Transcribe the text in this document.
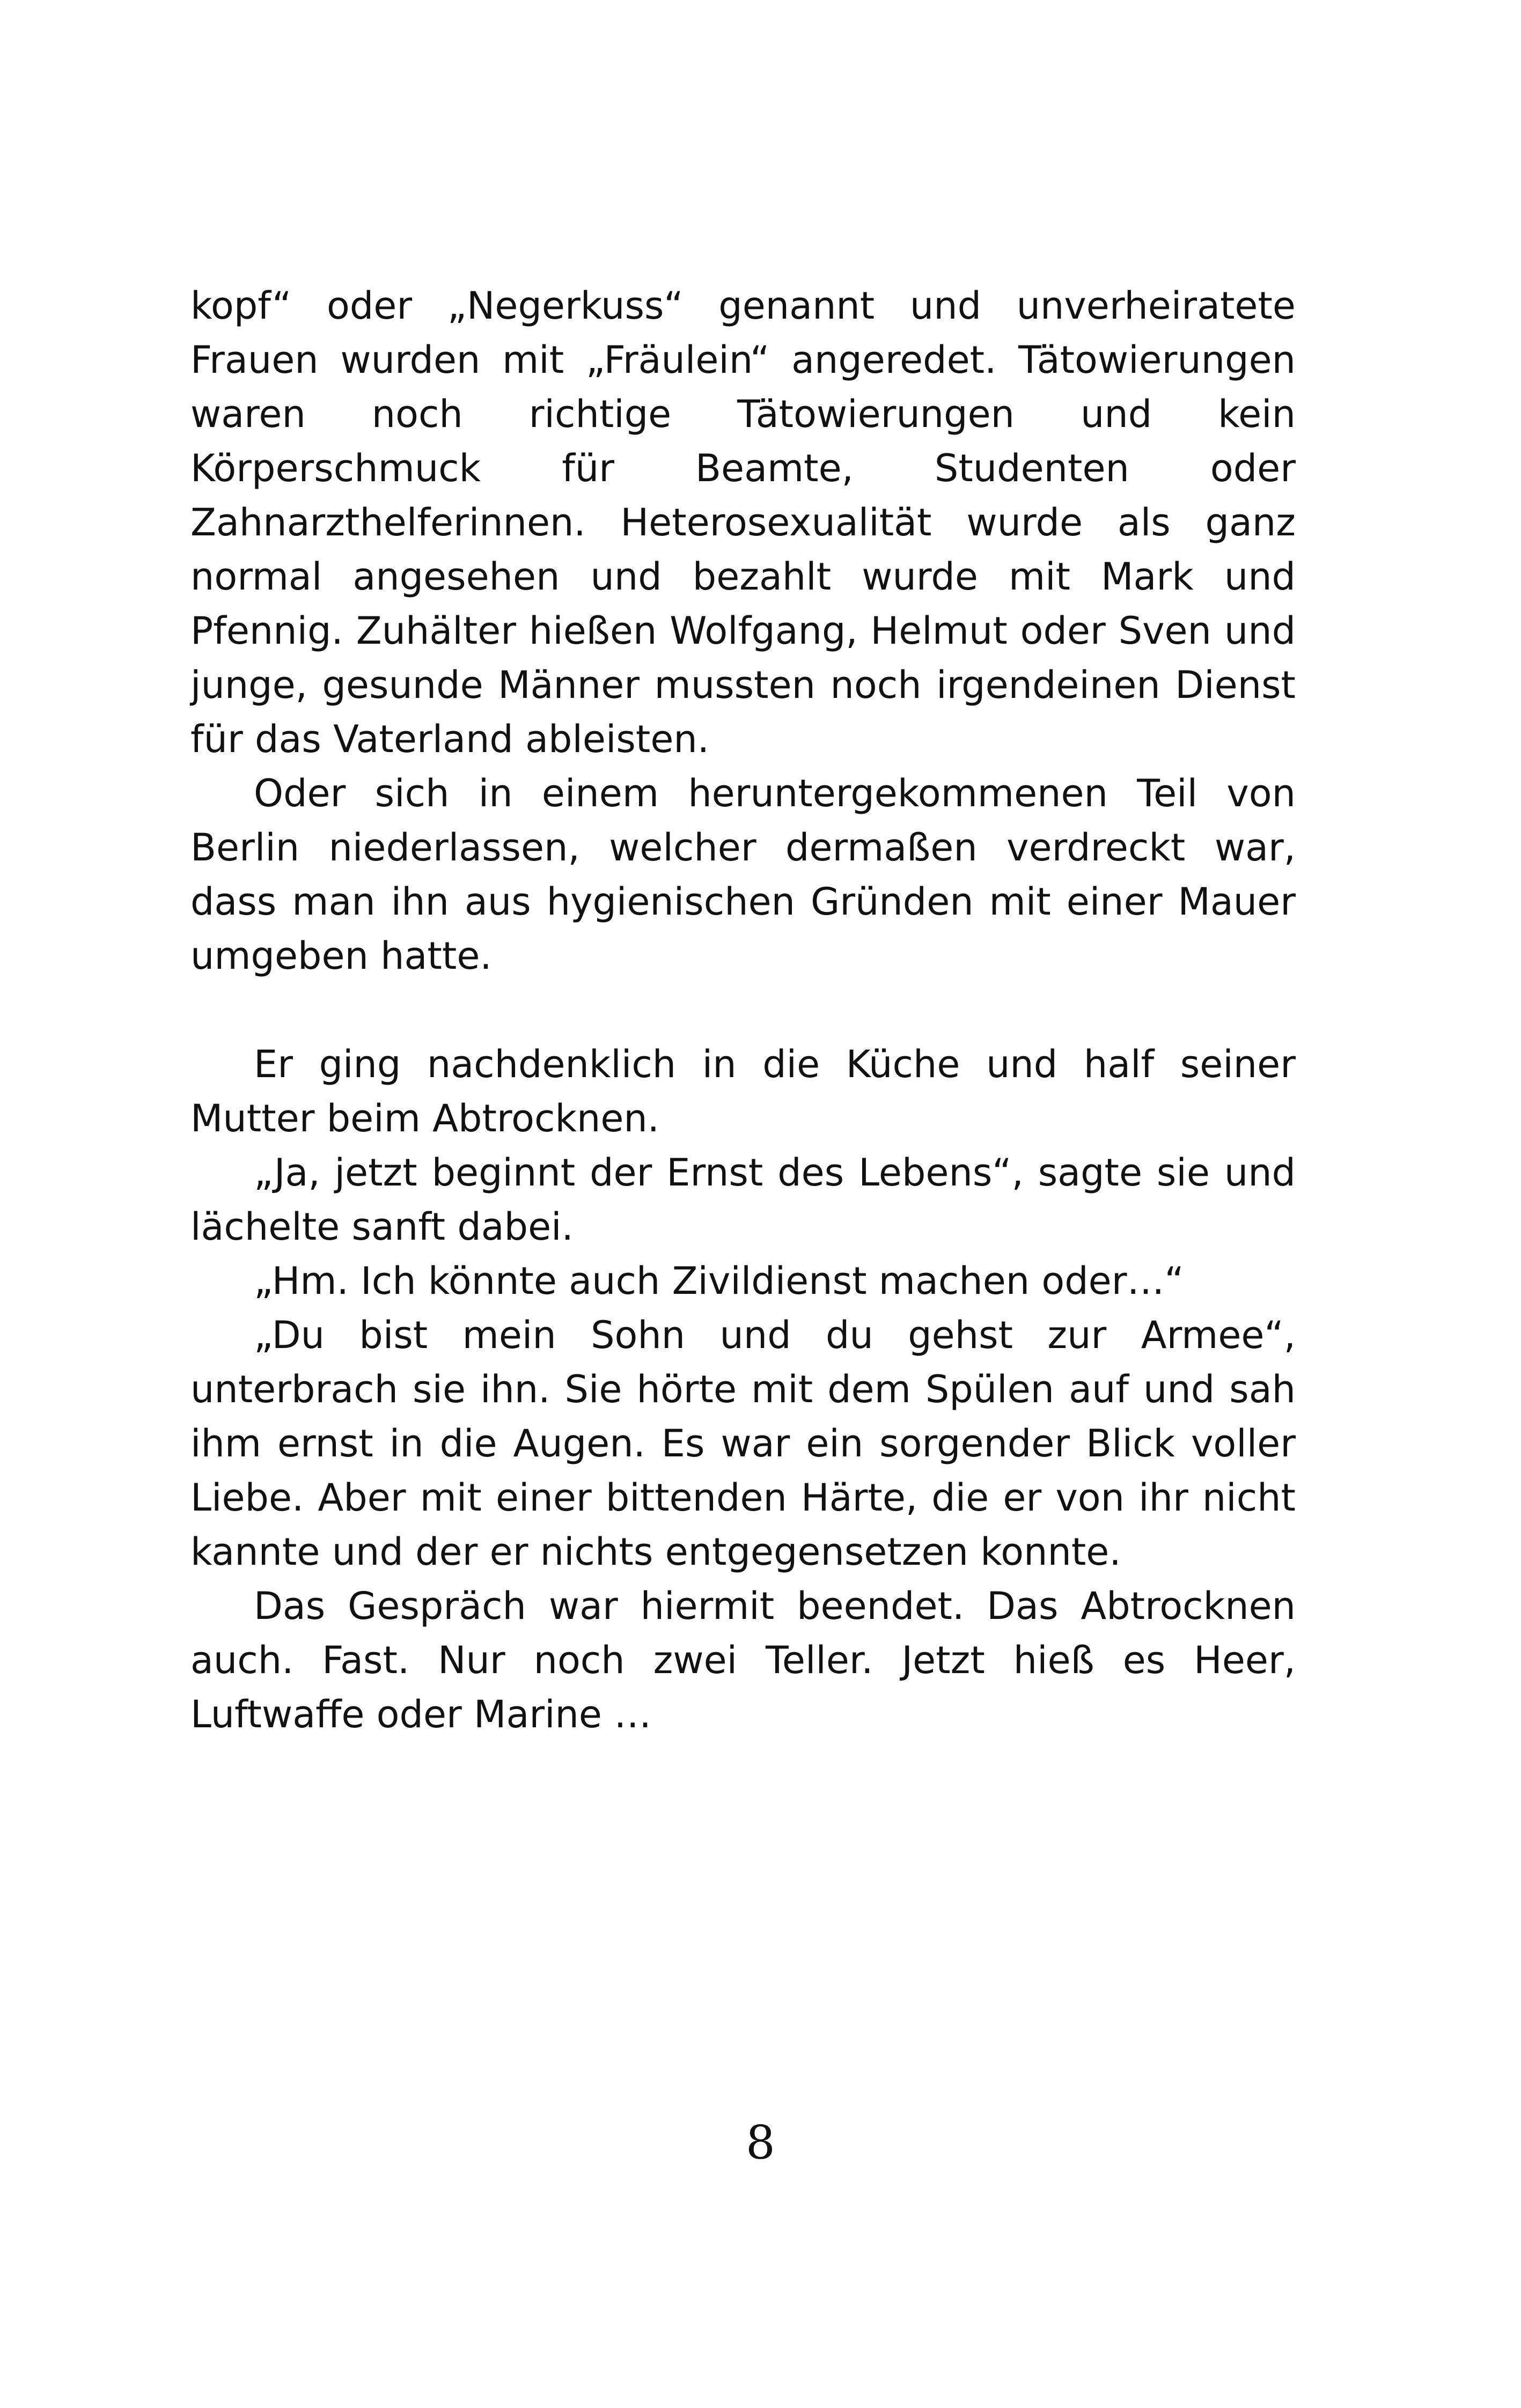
kopf“ oder „Negerkuss“ genannt und unverheiratete Frauen wurden mit „Fräulein“ angeredet. Tätowierungen waren noch richtige Tätowierungen und kein Körperschmuck für Beamte, Studenten oder Zahnarzthelferinnen. Heterosexualität wurde als ganz normal angesehen und bezahlt wurde mit Mark und Pfennig. Zuhälter hießen Wolfgang, Helmut oder Sven und junge, gesunde Männer mussten noch irgendeinen Dienst für das Vaterland ableisten.

Oder sich in einem heruntergekommenen Teil von Berlin niederlassen, welcher dermaßen verdreckt war, dass man ihn aus hygienischen Gründen mit einer Mauer umgeben hatte.

Er ging nachdenklich in die Küche und half seiner Mutter beim Abtrocknen.

„Ja, jetzt beginnt der Ernst des Lebens“, sagte sie und lächelte sanft dabei.

„Hm. Ich könnte auch Zivildienst machen oder…“

„Du bist mein Sohn und du gehst zur Armee“, unterbrach sie ihn. Sie hörte mit dem Spülen auf und sah ihm ernst in die Augen. Es war ein sorgender Blick voller Liebe. Aber mit einer bittenden Härte, die er von ihr nicht kannte und der er nichts entgegensetzen konnte.

Das Gespräch war hiermit beendet. Das Abtrocknen auch. Fast. Nur noch zwei Teller. Jetzt hieß es Heer, Luftwaffe oder Marine …

8
